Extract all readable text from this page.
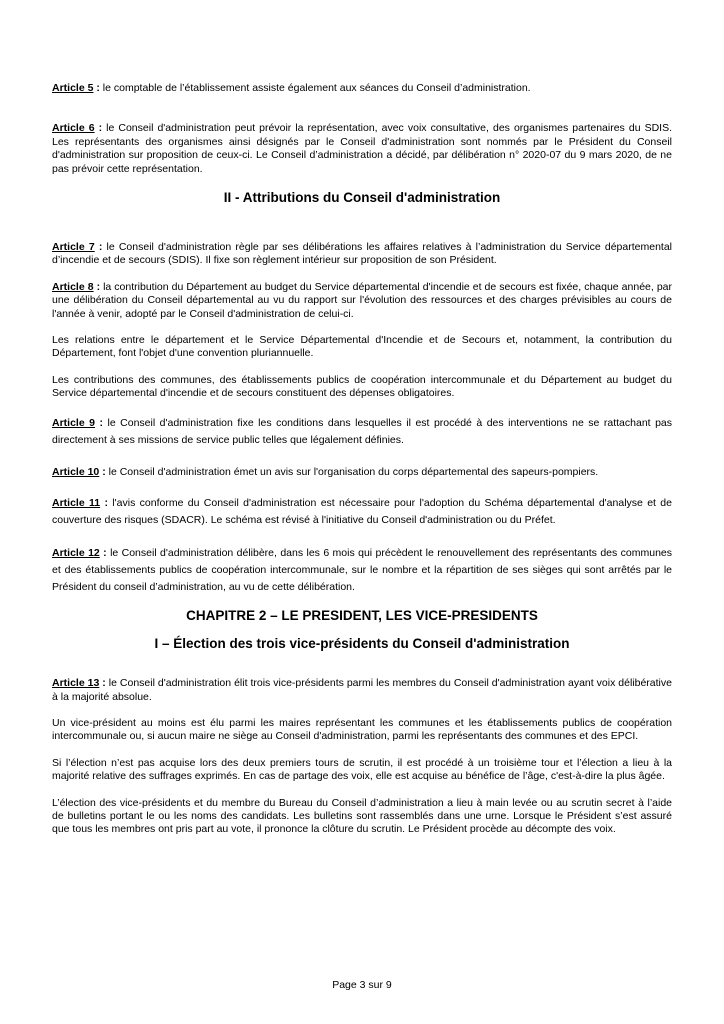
Article 5 : le comptable de l’établissement assiste également aux séances du Conseil d’administration.

Article 6 : le Conseil d'administration peut prévoir la représentation, avec voix consultative, des organismes partenaires du SDIS. Les représentants des organismes ainsi désignés par le Conseil d'administration sont nommés par le Président du Conseil d'administration sur proposition de ceux-ci. Le Conseil d’administration a décidé, par délibération n° 2020-07 du 9 mars 2020, de ne pas prévoir cette représentation.

II - Attributions du Conseil d'administration

Article 7 : le Conseil d'administration règle par ses délibérations les affaires relatives à l’administration du Service départemental d’incendie et de secours (SDIS). Il fixe son règlement intérieur sur proposition de son Président.

Article 8 : la contribution du Département au budget du Service départemental d'incendie et de secours est fixée, chaque année, par une délibération du Conseil départemental au vu du rapport sur l'évolution des ressources et des charges prévisibles au cours de l'année à venir, adopté par le Conseil d'administration de celui-ci.

Les relations entre le département et le Service Départemental d'Incendie et de Secours et, notamment, la contribution du Département, font l'objet d'une convention pluriannuelle.

Les contributions des communes, des établissements publics de coopération intercommunale et du Département au budget du Service départemental d'incendie et de secours constituent des dépenses obligatoires.

Article 9 : le Conseil d'administration fixe les conditions dans lesquelles il est procédé à des interventions ne se rattachant pas directement à ses missions de service public telles que légalement définies.

Article 10 : le Conseil d'administration émet un avis sur l'organisation du corps départemental des sapeurs-pompiers.

Article 11 : l'avis conforme du Conseil d'administration est nécessaire pour l'adoption du Schéma départemental d'analyse et de couverture des risques (SDACR). Le schéma est révisé à l'initiative du Conseil d'administration ou du Préfet.

Article 12 : le Conseil d'administration délibère, dans les 6 mois qui précèdent le renouvellement des représentants des communes et des établissements publics de coopération intercommunale, sur le nombre et la répartition de ses sièges qui sont arrêtés par le Président du conseil d’administration, au vu de cette délibération.

CHAPITRE 2 – LE PRESIDENT, LES VICE-PRESIDENTS
I – Élection des trois vice-présidents du Conseil d'administration

Article 13 : le Conseil d'administration élit trois vice-présidents parmi les membres du Conseil d'administration ayant voix délibérative à la majorité absolue.

Un vice-président au moins est élu parmi les maires représentant les communes et les établissements publics de coopération intercommunale ou, si aucun maire ne siège au Conseil d'administration, parmi les représentants des communes et des EPCI.

Si l’élection n’est pas acquise lors des deux premiers tours de scrutin, il est procédé à un troisième tour et l’élection a lieu à la majorité relative des suffrages exprimés. En cas de partage des voix, elle est acquise au bénéfice de l’âge, c'est-à-dire la plus âgée.

L’élection des vice-présidents et du membre du Bureau du Conseil d’administration a lieu à main levée ou au scrutin secret à l’aide de bulletins portant le ou les noms des candidats. Les bulletins sont rassemblés dans une urne. Lorsque le Président s’est assuré que tous les membres ont pris part au vote, il prononce la clôture du scrutin. Le Président procède au décompte des voix.

Page 3 sur 9
